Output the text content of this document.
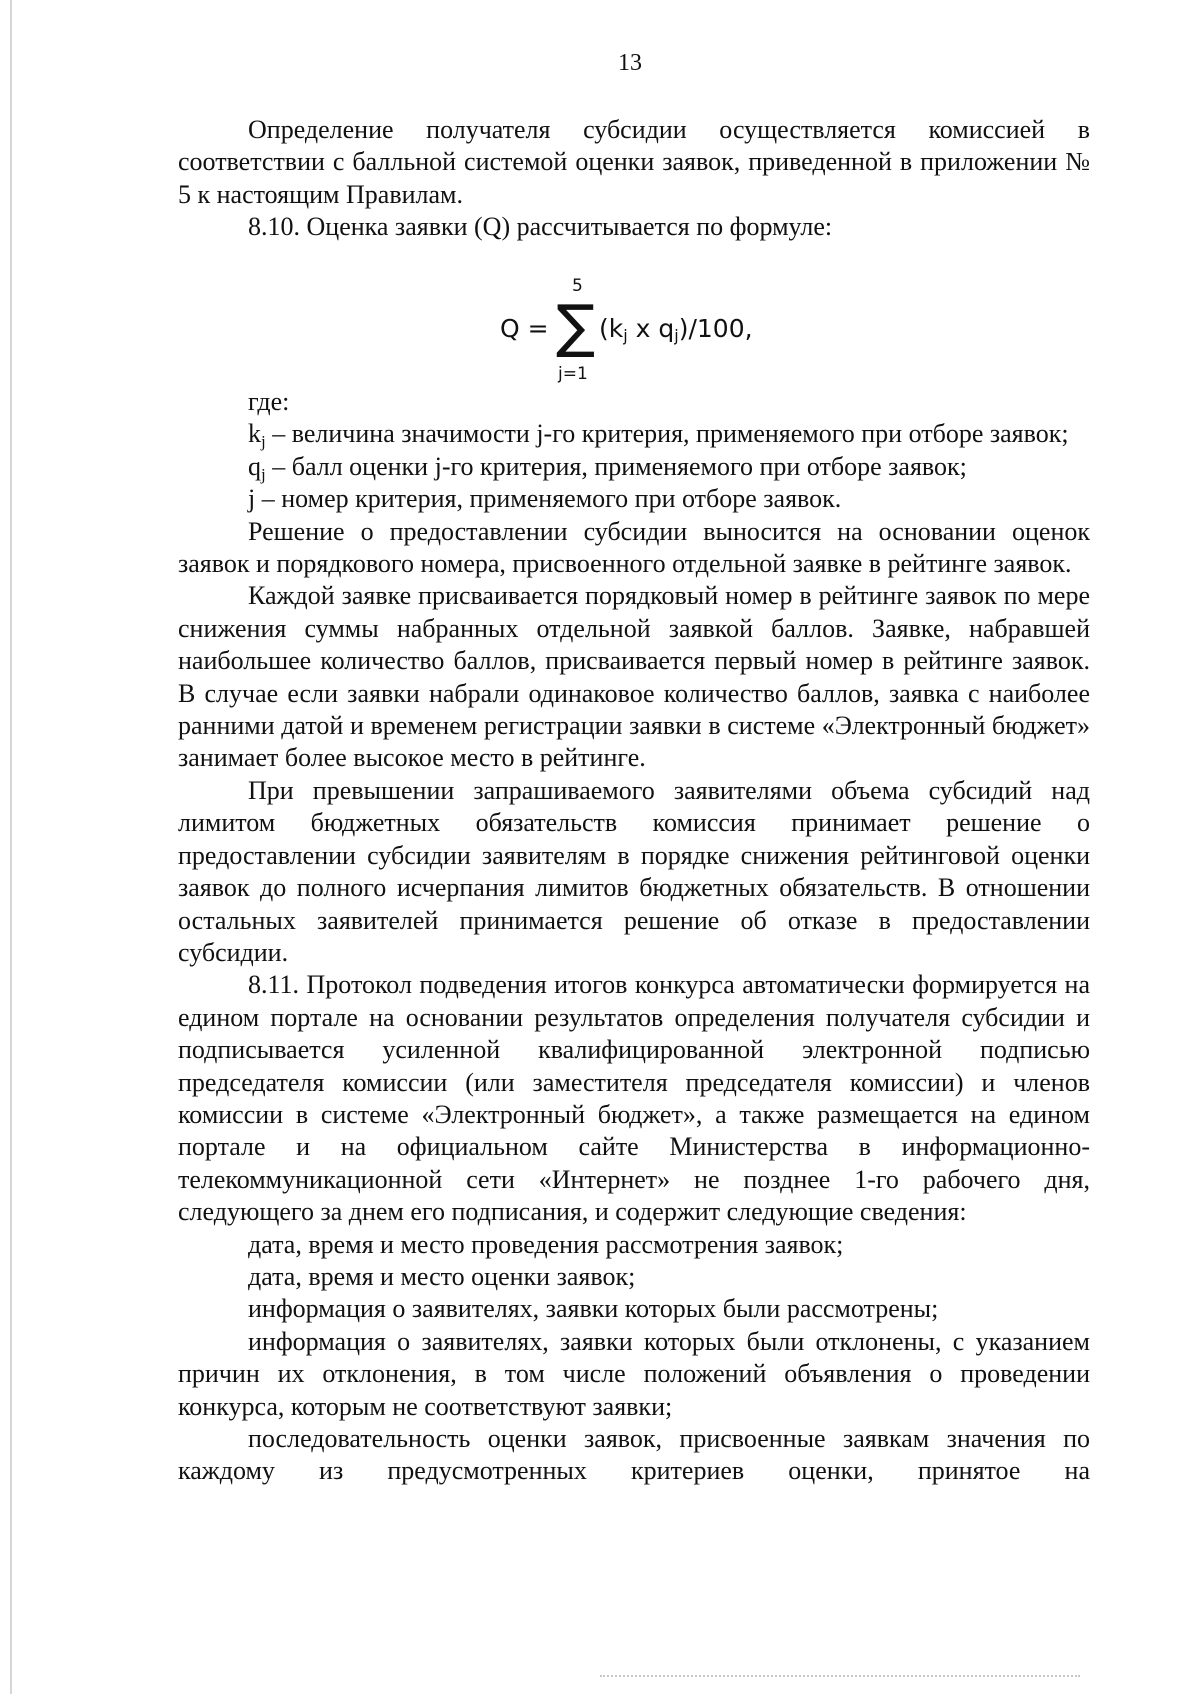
13

Определение получателя субсидии осуществляется комиссией в соответствии с балльной системой оценки заявок, приведенной в приложении № 5 к настоящим Правилам.

8.10. Оценка заявки (Q) рассчитывается по формуле:

Q =
5
∑
j=1
($k_j$ x $q_j)/100$,

где:

$k_j$ – величина значимости j-го критерия, применяемого при отборе заявок;

$q_j$ – балл оценки j-го критерия, применяемого при отборе заявок;

j – номер критерия, применяемого при отборе заявок.

Решение о предоставлении субсидии выносится на основании оценок заявок и порядкового номера, присвоенного отдельной заявке в рейтинге заявок.

Каждой заявке присваивается порядковый номер в рейтинге заявок по мере снижения суммы набранных отдельной заявкой баллов. Заявке, набравшей наибольшее количество баллов, присваивается первый номер в рейтинге заявок. В случае если заявки набрали одинаковое количество баллов, заявка с наиболее ранними датой и временем регистрации заявки в системе «Электронный бюджет» занимает более высокое место в рейтинге.

При превышении запрашиваемого заявителями объема субсидий над лимитом бюджетных обязательств комиссия принимает решение о предоставлении субсидии заявителям в порядке снижения рейтинговой оценки заявок до полного исчерпания лимитов бюджетных обязательств. В отношении остальных заявителей принимается решение об отказе в предоставлении субсидии.

8.11. Протокол подведения итогов конкурса автоматически формируется на едином портале на основании результатов определения получателя субсидии и подписывается усиленной квалифицированной электронной подписью председателя комиссии (или заместителя председателя комиссии) и членов комиссии в системе «Электронный бюджет», а также размещается на едином портале и на официальном сайте Министерства в информационно-телекоммуникационной сети «Интернет» не позднее 1-го рабочего дня, следующего за днем его подписания, и содержит следующие сведения:

дата, время и место проведения рассмотрения заявок;

дата, время и место оценки заявок;

информация о заявителях, заявки которых были рассмотрены;

информация о заявителях, заявки которых были отклонены, с указанием причин их отклонения, в том числе положений объявления о проведении конкурса, которым не соответствуют заявки;

последовательность оценки заявок, присвоенные заявкам значения по каждому из предусмотренных критериев оценки, принятое на
